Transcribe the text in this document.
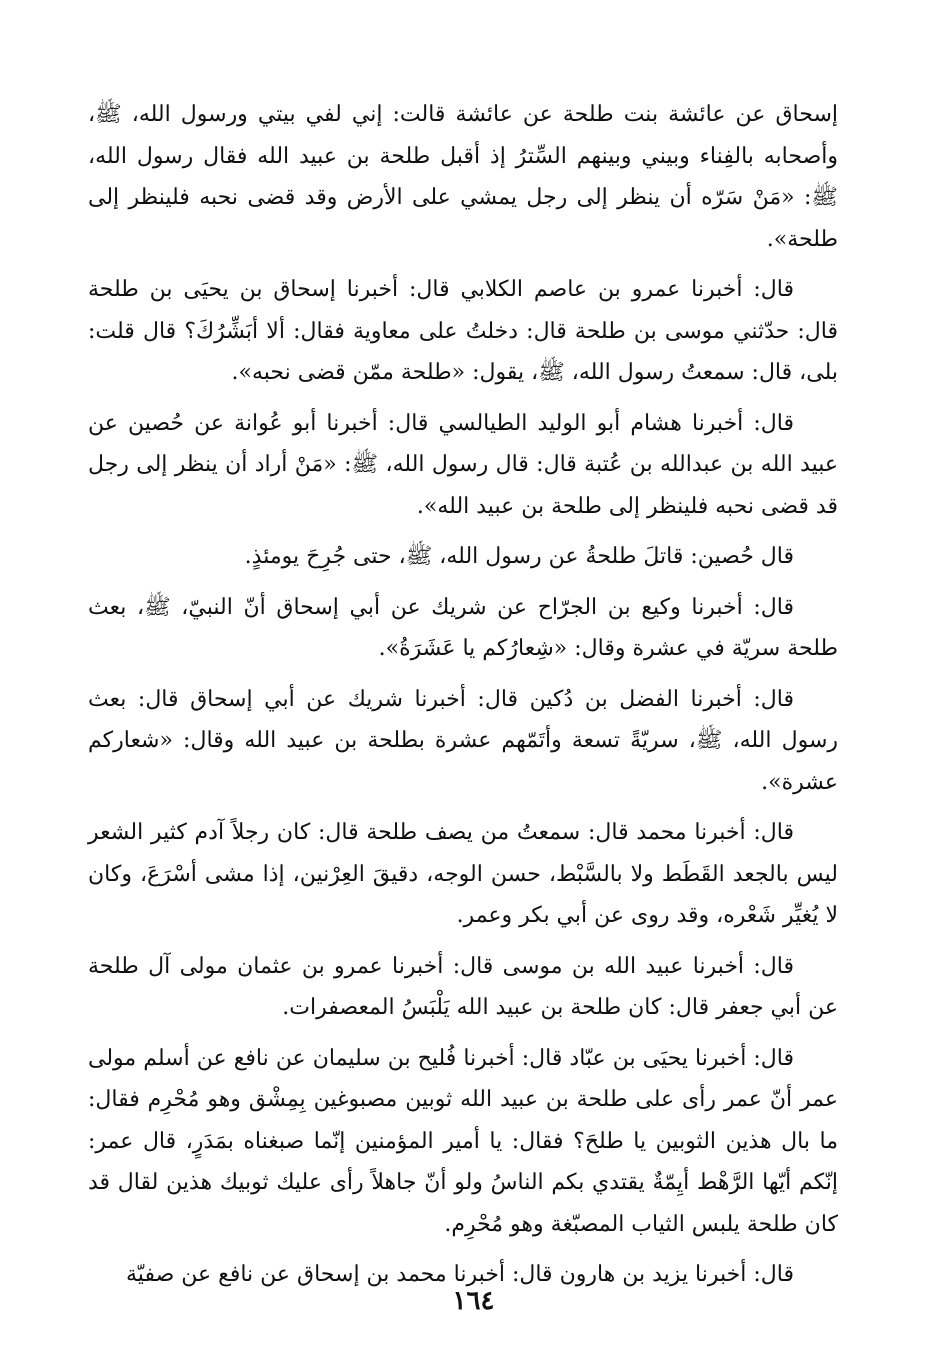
إسحاق عن عائشة بنت طلحة عن عائشة قالت: إني لفي بيتي ورسول الله، ﷺ، وأصحابه بالفِناء وبيني وبينهم السِّترُ إذ أقبل طلحة بن عبيد الله فقال رسول الله، ﷺ: «مَنْ سَرّه أن ينظر إلى رجل يمشي على الأرض وقد قضى نحبه فلينظر إلى طلحة».

قال: أخبرنا عمرو بن عاصم الكلابي قال: أخبرنا إسحاق بن يحيَى بن طلحة قال: حدّثني موسى بن طلحة قال: دخلتُ على معاوية فقال: ألا أبَشِّرُكَ؟ قال قلت: بلى، قال: سمعتُ رسول الله، ﷺ، يقول: «طلحة ممّن قضى نحبه».

قال: أخبرنا هشام أبو الوليد الطيالسي قال: أخبرنا أبو عُوانة عن حُصين عن عبيد الله بن عبدالله بن عُتبة قال: قال رسول الله، ﷺ: «مَنْ أراد أن ينظر إلى رجل قد قضى نحبه فلينظر إلى طلحة بن عبيد الله».

قال حُصين: قاتلَ طلحةُ عن رسول الله، ﷺ، حتى جُرِحَ يومئذٍ.

قال: أخبرنا وكيع بن الجرّاح عن شريك عن أبي إسحاق أنّ النبيّ، ﷺ، بعث طلحة سريّة في عشرة وقال: «شِعارُكم يا عَشَرَةُ».

قال: أخبرنا الفضل بن دُكين قال: أخبرنا شريك عن أبي إسحاق قال: بعث رسول الله، ﷺ، سريّةً تسعة وأتَمّهم عشرة بطلحة بن عبيد الله وقال: «شعاركم عشرة».

قال: أخبرنا محمد قال: سمعتُ من يصف طلحة قال: كان رجلاً آدم كثير الشعر ليس بالجعد القَطَط ولا بالسَّبْط، حسن الوجه، دقيقَ العِرْنين، إذا مشى أسْرَعَ، وكان لا يُغيِّر شَعْره، وقد روى عن أبي بكر وعمر.

قال: أخبرنا عبيد الله بن موسى قال: أخبرنا عمرو بن عثمان مولى آل طلحة عن أبي جعفر قال: كان طلحة بن عبيد الله يَلْبَسُ المعصفرات.

قال: أخبرنا يحيَى بن عبّاد قال: أخبرنا فُليح بن سليمان عن نافع عن أسلم مولى عمر أنّ عمر رأى على طلحة بن عبيد الله ثوبين مصبوغين بِمِشْق وهو مُحْرِم فقال: ما بال هذين الثوبين يا طلحَ؟ فقال: يا أمير المؤمنين إنّما صبغناه بمَدَرٍ، قال عمر: إنّكم أيّها الرَّهْط أيِمّةٌ يقتدي بكم الناسُ ولو أنّ جاهلاً رأى عليك ثوبيك هذين لقال قد كان طلحة يلبس الثياب المصبّغة وهو مُحْرِم.

قال: أخبرنا يزيد بن هارون قال: أخبرنا محمد بن إسحاق عن نافع عن صفيّة

١٦٤
